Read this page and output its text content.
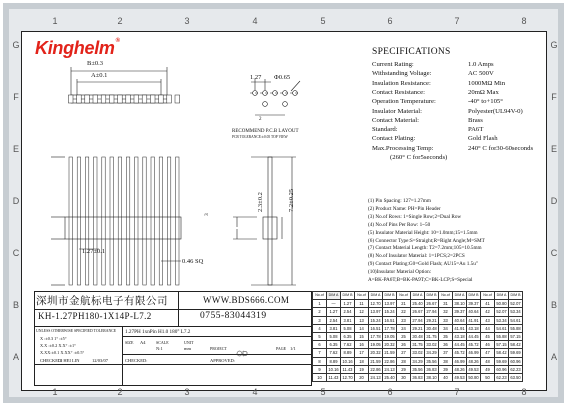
1
1
2
2
3
3
4
4
5
5
6
6
7
7
8
8
G	G
F	F
E	E
D	D
C	C
B	B
A	A
Kinghelm®
B±0.3
A±0.1	1.27 Φ0.65
2
RECOMMEND P.C.B LAYOUT
PCB TOLERANCE:±0.05 TOP VIEW
1.27±0.1
0.46 SQ
2.3±0.2	7.2±0.25
3
SPECIFICATIONS
Current Rating:	1.0 Amps
Withstanding Voltage:	AC 500V
Insulation Resistance:	1000MΩ Min
Contact Resistance:	20mΩ Max
Operation Temperature:	-40° to+105°
Insulator Material:	Polyester(UL94V-0)
Contact Material:	Brass
Standard:	PA6T
Contact Plating:	Gold Flash
Max.Processing Temp:	240° C for30-60seconds
(260° C for5seconds)
(1) Pin Spacing: 127=1.27mm
(2) Product Name: PH=Pin Header
(3) No.of Rows: 1=Single Row;2=Dual Row
(4) No.of Pins Per Row: 1~50
(5) Insulator Material Height: 10=1.0mm;15=1.5mm
(6) Connector Type:S=Straight;R=Right Angle;M=SMT
(7) Contact Material Length: T2=7.2mm;105=10.5mm
(8) No.of Insulator Material: 1=1PCS;2=2PCS
(9) Contact Plating:G0=Gold Flash; AU15=Au 1.5u"
(10)Insulator Material Option:
A=BK-PA6T;B=BK-PA9T;C=BK-LCP;S=Special
No.of	DIM A	DIM B	No.of	DIM A	DIM B	No.of	DIM A	DIM B	No.of	DIM A	DIM B	No.of	DIM A	DIM B
1	—	1.27	11	12.70	13.97	21	25.40	26.67	31	38.10	39.37	41	50.80	52.07
2	1.27	2.54	12	13.97	15.24	22	26.67	27.94	32	39.37	40.64	42	52.07	53.34
3	2.54	3.81	13	15.24	16.51	23	27.94	29.21	33	40.64	41.91	43	53.34	54.61
4	3.81	5.08	14	16.51	17.78	24	29.21	30.48	34	41.91	43.18	44	54.61	55.88
5	5.08	6.35	15	17.78	19.05	25	30.48	31.75	35	43.18	44.45	45	55.88	57.15
6	6.35	7.62	16	19.05	20.32	26	31.75	33.02	36	44.45	45.72	46	57.15	58.42
7	7.62	8.89	17	20.32	21.59	27	33.02	34.29	37	45.72	46.99	47	58.42	59.69
8	8.89	10.16	18	21.59	22.86	28	34.29	35.56	38	46.99	48.26	48	59.69	60.96
9	10.16	11.43	19	22.86	24.13	29	35.56	36.83	39	48.26	49.53	49	60.96	62.23
10	11.43	12.70	20	24.13	25.40	30	36.83	38.10	40	49.53	50.80	50	62.23	63.50
深圳市金航标电子有限公司	WWW.BDS666.COM
KH-1.27PH180-1X14P-L7.2	0755-83044319
UNLESS OTHERWISE SPECIFIED TOLERANCE
X :±0.3 1° :±5°
X.X :±0.2 X.X° :±1°
X.XX:±0.1 X.XX° :±0.5°
1.27PH 1xnPin H1.0 180° L7.2
SIZE A4	SCALE
N:1
UNIT
mm	PROJECT	PAGE 1/1
CHECKED:
LI HEI LIN	12/03/07	CHECKED:	APPROVED:
